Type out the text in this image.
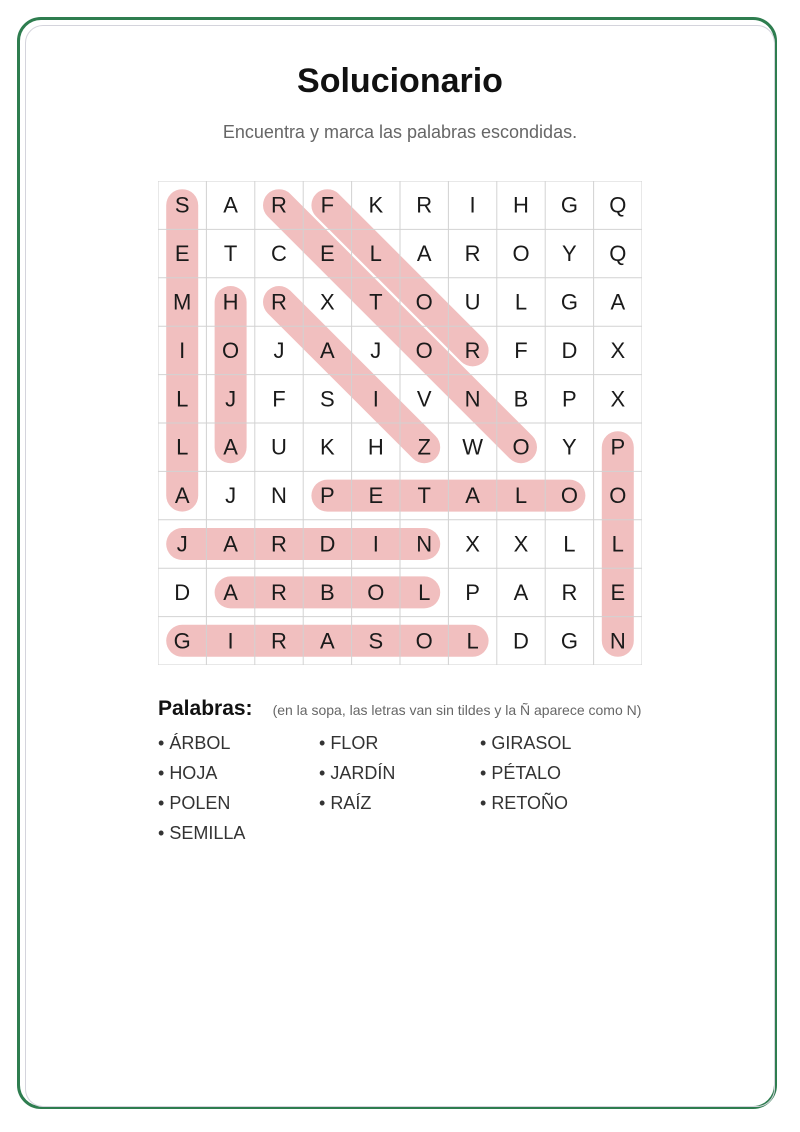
Solucionario
Encuentra y marca las palabras escondidas.
S A R F K R I H G Q
E T C E L A R O Y Q
M H R X T O U L G A
I O J A J O R F D X
L J F S I V N B P X
L A U K H Z W O Y P
A J N P E T A L O O
J A R D I N X X L L
D A R B O L P A R E
G I R A S O L D G N
Palabras: (en la sopa, las letras van sin tildes y la Ñ aparece como N)
• ÁRBOL	• FLOR	• GIRASOL
• HOJA	• JARDÍN	• PÉTALO
• POLEN	• RAÍZ	• RETOÑO
• SEMILLA
